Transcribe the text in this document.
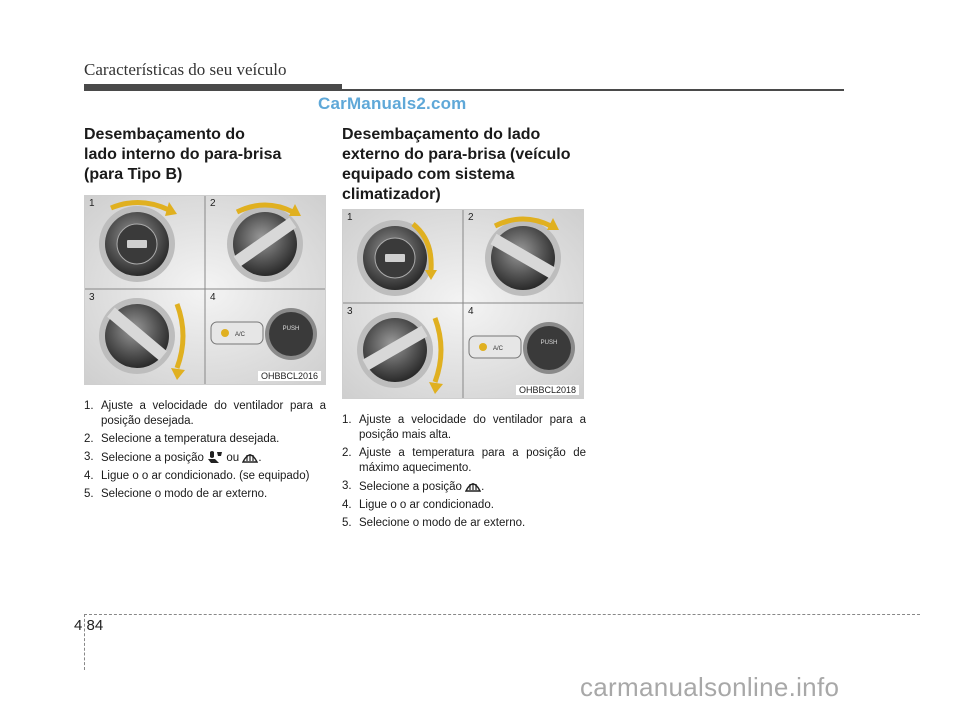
Características do seu veículo
CarManuals2.com
Desembaçamento do
lado interno do para-brisa
(para Tipo B)
PUSH
A/C
1	2
3	4
OHBBCL2016
1. Ajuste a velocidade do ventilador para a posição desejada.
2. Selecione a temperatura desejada.
3. Selecione a posição ou .
4. Ligue o o ar condicionado. (se equipado)
5. Selecione o modo de ar externo.
Desembaçamento do lado
externo do para-brisa (veículo
equipado com sistema
climatizador)
PUSH
A/C
1	2
3	4
OHBBCL2018
1. Ajuste a velocidade do ventilador para a posição mais alta.
2. Ajuste a temperatura para a posição de máximo aquecimento.
3. Selecione a posição .
4. Ligue o o ar condicionado.
5. Selecione o modo de ar externo.
4 84
carmanualsonline.info
